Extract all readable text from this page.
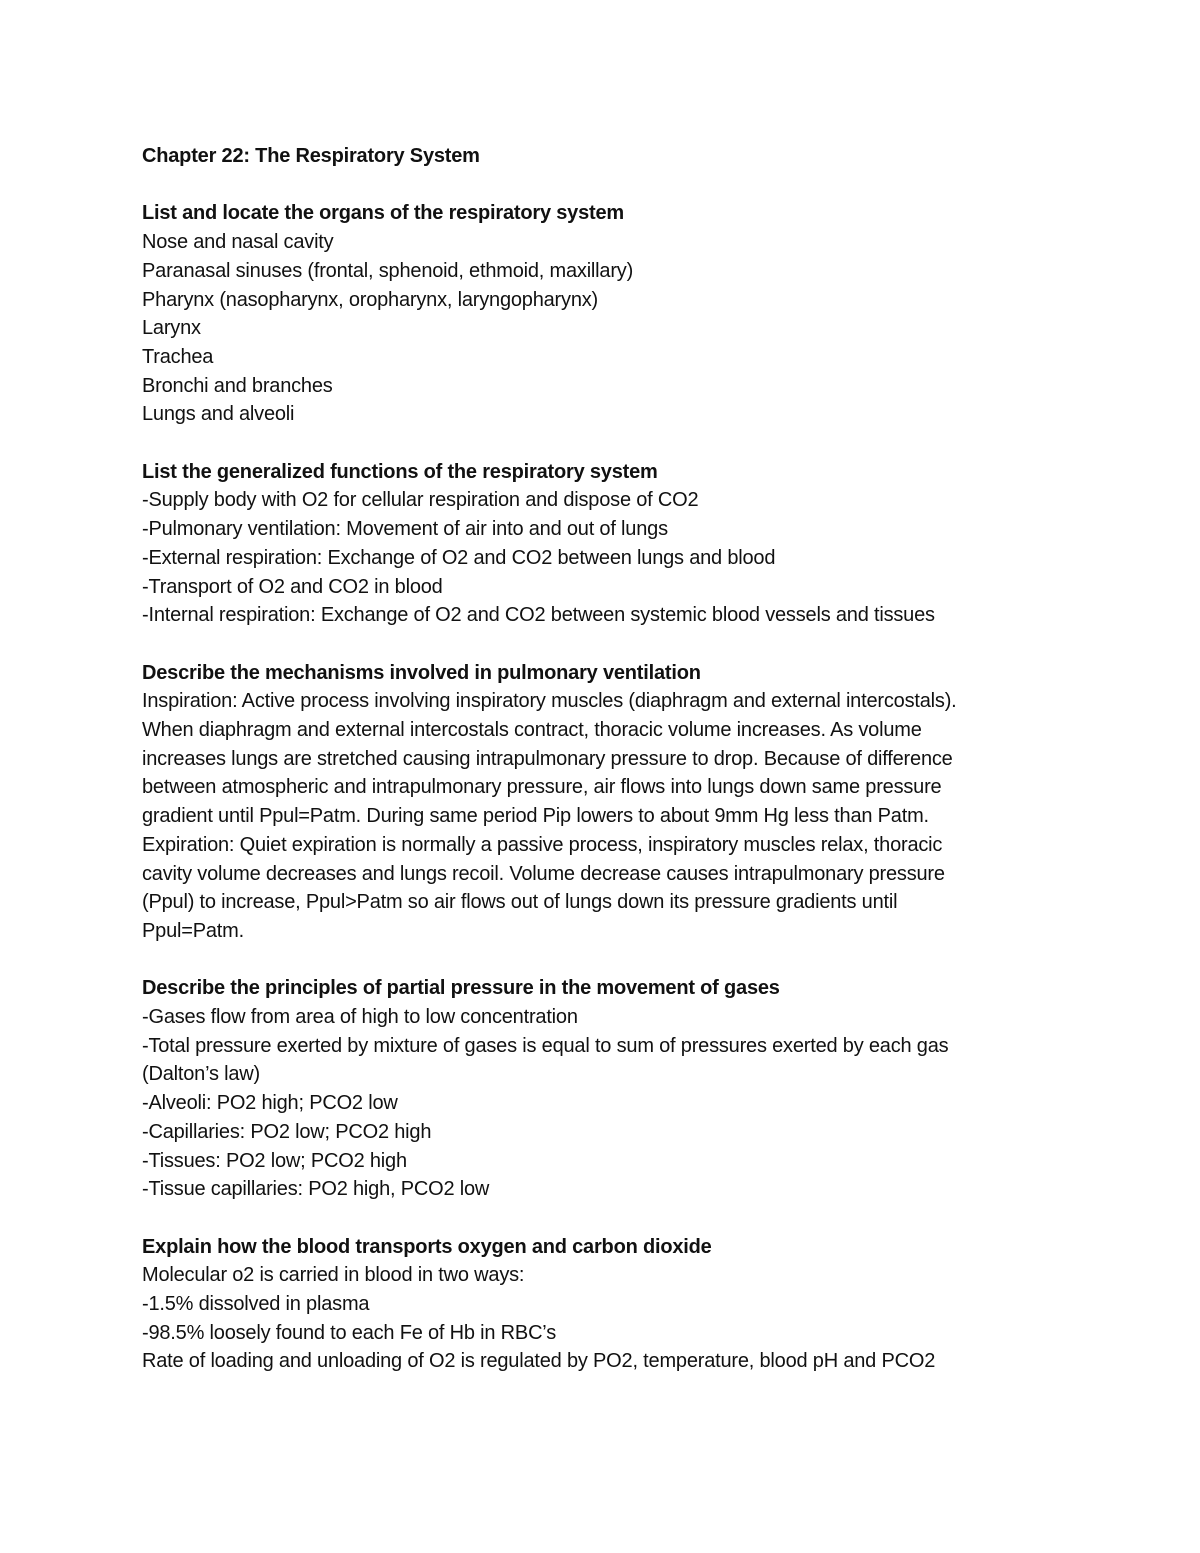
Chapter 22: The Respiratory System

List and locate the organs of the respiratory system

Nose and nasal cavity

Paranasal sinuses (frontal, sphenoid, ethmoid, maxillary)

Pharynx (nasopharynx, oropharynx, laryngopharynx)

Larynx

Trachea

Bronchi and branches

Lungs and alveoli

List the generalized functions of the respiratory system

-Supply body with O2 for cellular respiration and dispose of CO2

-Pulmonary ventilation: Movement of air into and out of lungs

-External respiration: Exchange of O2 and CO2 between lungs and blood

-Transport of O2 and CO2 in blood

-Internal respiration: Exchange of O2 and CO2 between systemic blood vessels and tissues

Describe the mechanisms involved in pulmonary ventilation

Inspiration: Active process involving inspiratory muscles (diaphragm and external intercostals).

When diaphragm and external intercostals contract, thoracic volume increases. As volume

increases lungs are stretched causing intrapulmonary pressure to drop. Because of difference

between atmospheric and intrapulmonary pressure, air flows into lungs down same pressure

gradient until Ppul=Patm. During same period Pip lowers to about 9mm Hg less than Patm.

Expiration: Quiet expiration is normally a passive process, inspiratory muscles relax, thoracic

cavity volume decreases and lungs recoil. Volume decrease causes intrapulmonary pressure

(Ppul) to increase, Ppul>Patm so air flows out of lungs down its pressure gradients until

Ppul=Patm.

Describe the principles of partial pressure in the movement of gases

-Gases flow from area of high to low concentration

-Total pressure exerted by mixture of gases is equal to sum of pressures exerted by each gas

(Dalton’s law)

-Alveoli: PO2 high; PCO2 low

-Capillaries: PO2 low; PCO2 high

-Tissues: PO2 low; PCO2 high

-Tissue capillaries: PO2 high, PCO2 low

Explain how the blood transports oxygen and carbon dioxide

Molecular o2 is carried in blood in two ways:

-1.5% dissolved in plasma

-98.5% loosely found to each Fe of Hb in RBC’s

Rate of loading and unloading of O2 is regulated by PO2, temperature, blood pH and PCO2
